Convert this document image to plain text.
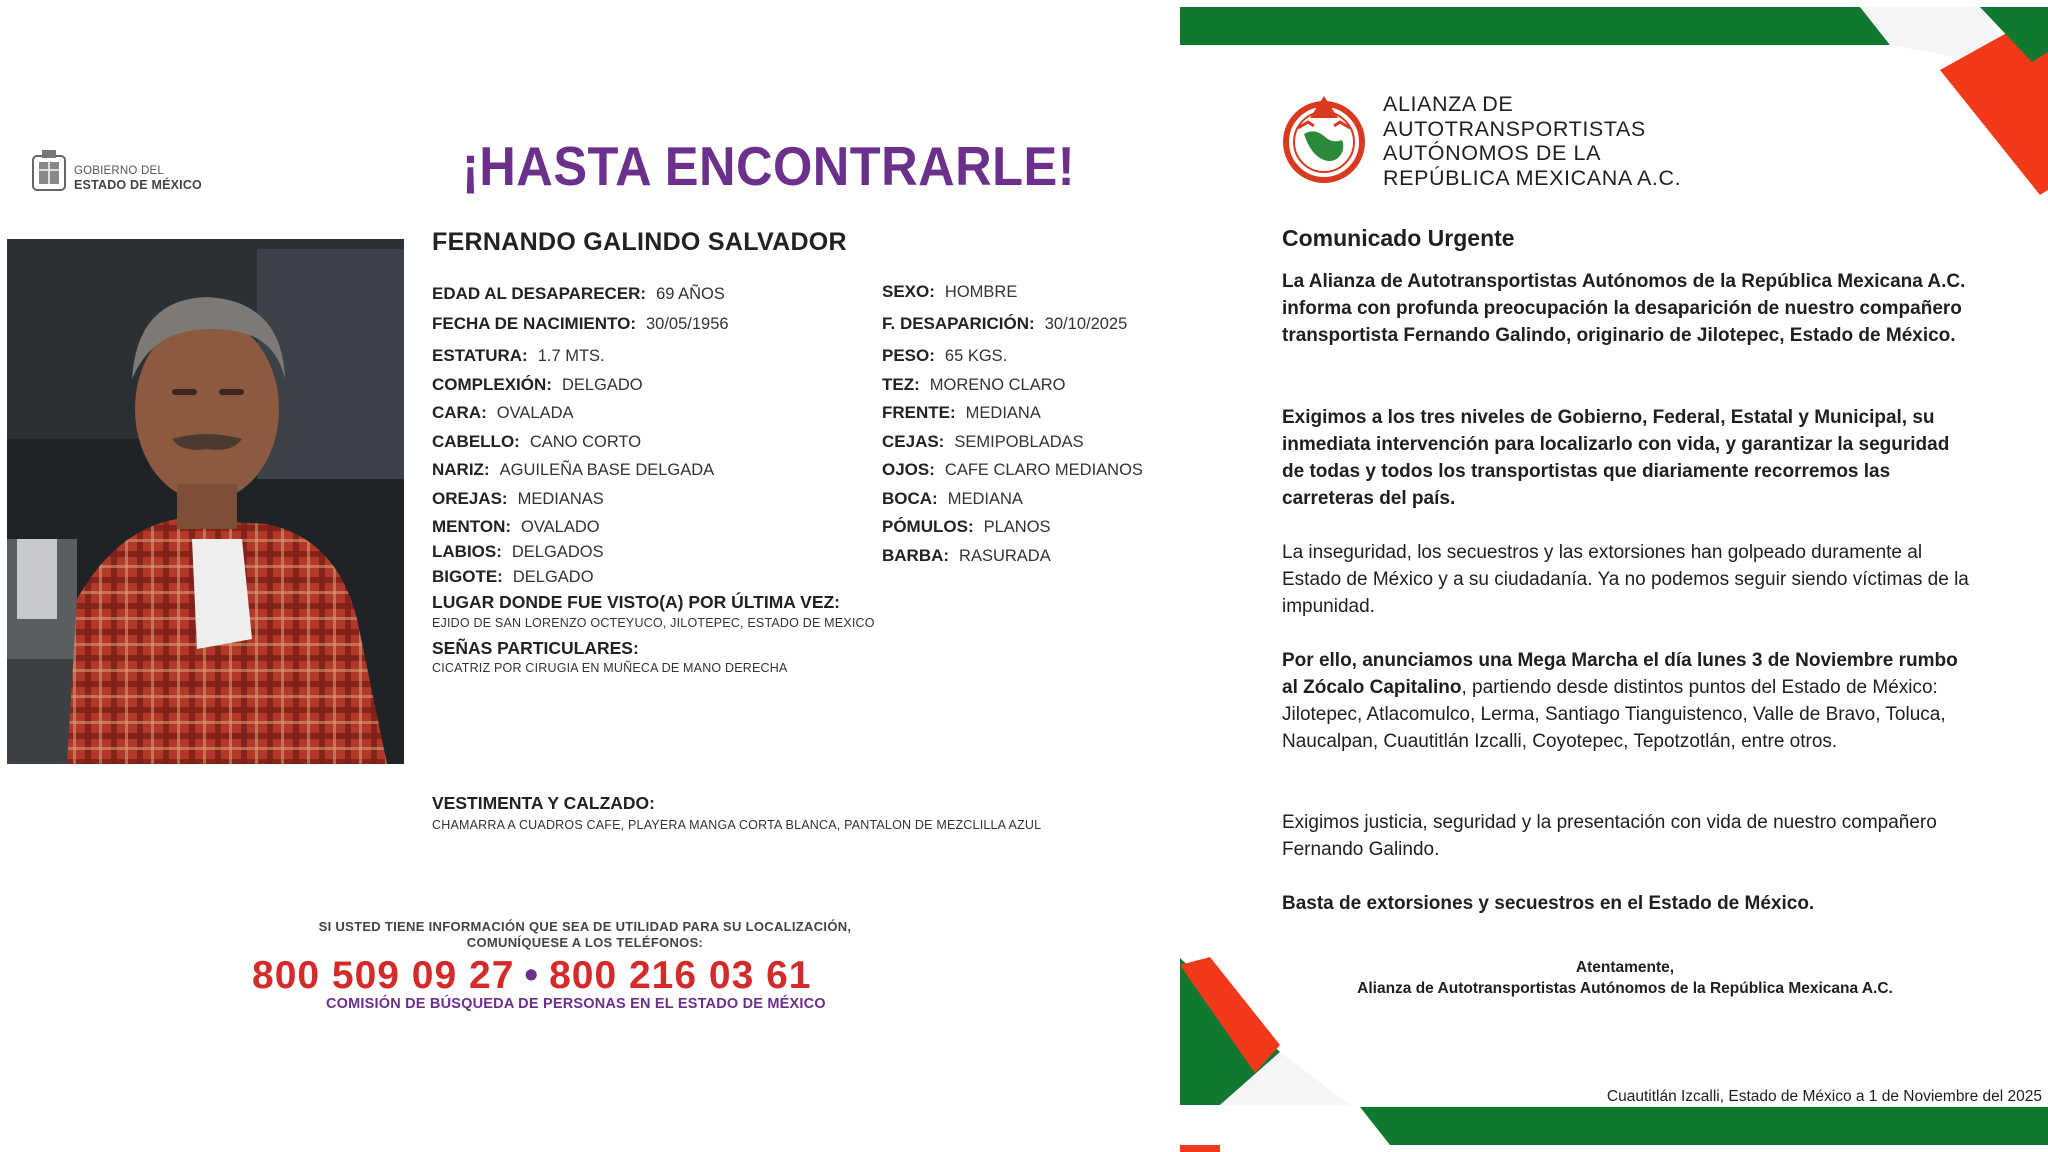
GOBIERNO DEL
ESTADO DE MÉXICO	¡HASTA ENCONTRARLE!
FERNANDO GALINDO SALVADOR
EDAD AL DESAPARECER: 69 AÑOS
FECHA DE NACIMIENTO: 30/05/1956
ESTATURA: 1.7 MTS.
COMPLEXIÓN: DELGADO
CARA: OVALADA
CABELLO: CANO CORTO
NARIZ: AGUILEÑA BASE DELGADA
OREJAS: MEDIANAS
MENTON: OVALADO
LABIOS: DELGADOS
BIGOTE: DELGADO
SEXO: HOMBRE
F. DESAPARICIÓN: 30/10/2025
PESO: 65 KGS.
TEZ: MORENO CLARO
FRENTE: MEDIANA
CEJAS: SEMIPOBLADAS
OJOS: CAFE CLARO MEDIANOS
BOCA: MEDIANA
PÓMULOS: PLANOS
BARBA: RASURADA
LUGAR DONDE FUE VISTO(A) POR ÚLTIMA VEZ:
EJIDO DE SAN LORENZO OCTEYUCO, JILOTEPEC, ESTADO DE MEXICO
SEÑAS PARTICULARES:
CICATRIZ POR CIRUGIA EN MUÑECA DE MANO DERECHA
VESTIMENTA Y CALZADO:
CHAMARRA A CUADROS CAFE, PLAYERA MANGA CORTA BLANCA, PANTALON DE MEZCLILLA AZUL
SI USTED TIENE INFORMACIÓN QUE SEA DE UTILIDAD PARA SU LOCALIZACIÓN,
COMUNÍQUESE A LOS TELÉFONOS:
800 509 09 27 • 800 216 03 61
COMISIÓN DE BÚSQUEDA DE PERSONAS EN EL ESTADO DE MÉXICO
ALIANZA DE
AUTOTRANSPORTISTAS
AUTÓNOMOS DE LA
REPÚBLICA MEXICANA A.C.
Comunicado Urgente
La Alianza de Autotransportistas Autónomos de la República Mexicana A.C. informa con profunda preocupación la desaparición de nuestro compañero transportista Fernando Galindo, originario de Jilotepec, Estado de México.
Exigimos a los tres niveles de Gobierno, Federal, Estatal y Municipal, su inmediata intervención para localizarlo con vida, y garantizar la seguridad de todas y todos los transportistas que diariamente recorremos las carreteras del país.
La inseguridad, los secuestros y las extorsiones han golpeado duramente al Estado de México y a su ciudadanía. Ya no podemos seguir siendo víctimas de la impunidad.
Por ello, anunciamos una Mega Marcha el día lunes 3 de Noviembre rumbo al Zócalo Capitalino, partiendo desde distintos puntos del Estado de México: Jilotepec, Atlacomulco, Lerma, Santiago Tianguistenco, Valle de Bravo, Toluca, Naucalpan, Cuautitlán Izcalli, Coyotepec, Tepotzotlán, entre otros.
Exigimos justicia, seguridad y la presentación con vida de nuestro compañero Fernando Galindo.
Basta de extorsiones y secuestros en el Estado de México.
Atentamente,
Alianza de Autotransportistas Autónomos de la República Mexicana A.C.
Cuautitlán Izcalli, Estado de México a 1 de Noviembre del 2025
